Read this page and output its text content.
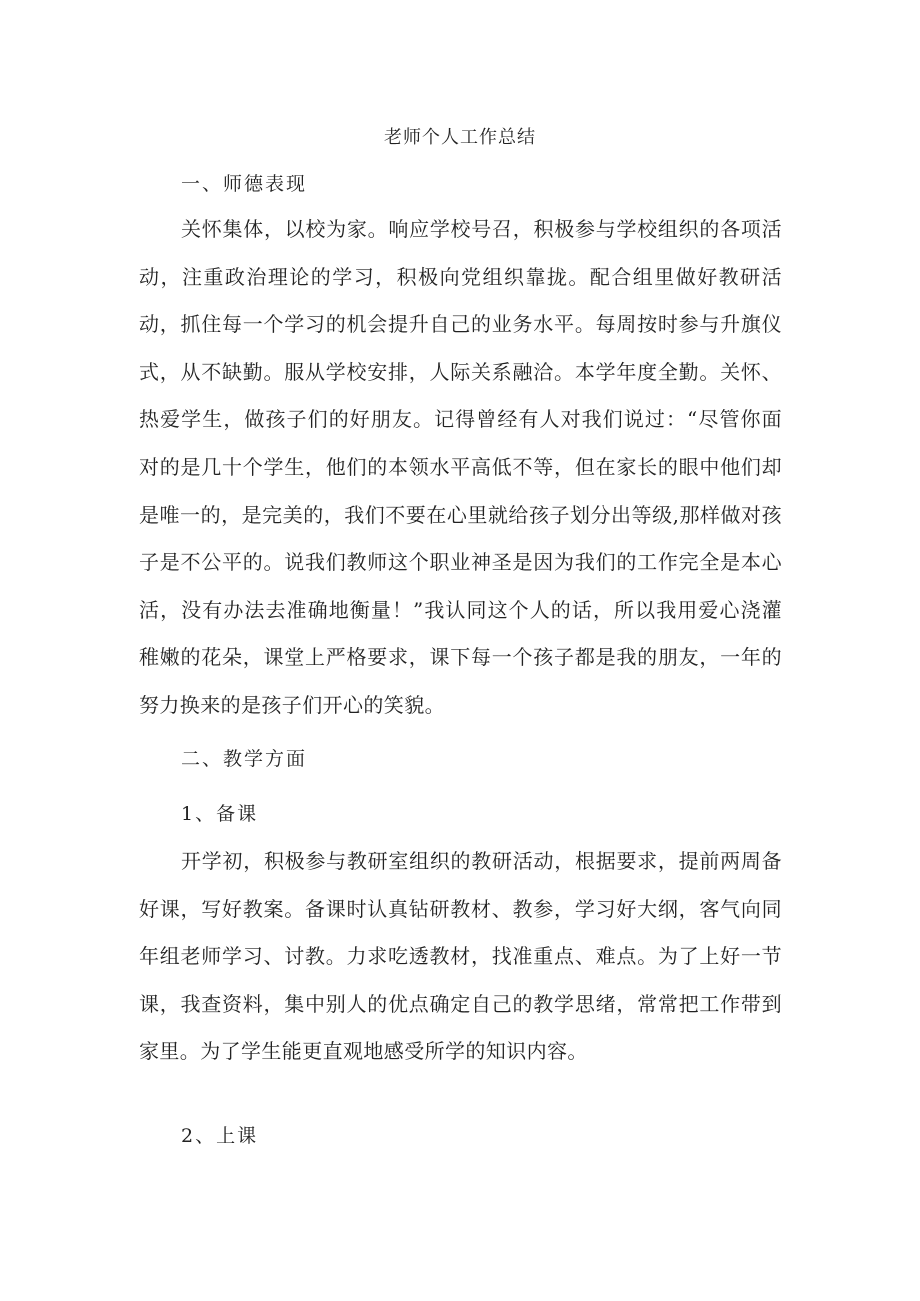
老师个人工作总结
一、师德表现

关怀集体，以校为家。响应学校号召，积极参与学校组织的各项活动，注重政治理论的学习，积极向党组织靠拢。配合组里做好教研活动，抓住每一个学习的机会提升自己的业务水平。每周按时参与升旗仪式，从不缺勤。服从学校安排，人际关系融洽。本学年度全勤。关怀、热爱学生，做孩子们的好朋友。记得曾经有人对我们说过：“尽管你面对的是几十个学生，他们的本领水平高低不等，但在家长的眼中他们却是唯一的，是完美的，我们不要在心里就给孩子划分出等级,那样做对孩子是不公平的。说我们教师这个职业神圣是因为我们的工作完全是本心活，没有办法去准确地衡量！”我认同这个人的话，所以我用爱心浇灌稚嫩的花朵，课堂上严格要求，课下每一个孩子都是我的朋友，一年的努力换来的是孩子们开心的笑貌。

二、教学方面
1、备课

开学初，积极参与教研室组织的教研活动，根据要求，提前两周备好课，写好教案。备课时认真钻研教材、教参，学习好大纲，客气向同年组老师学习、讨教。力求吃透教材，找准重点、难点。为了上好一节课，我查资料，集中别人的优点确定自己的教学思绪，常常把工作带到家里。为了学生能更直观地感受所学的知识内容。

2、上课
